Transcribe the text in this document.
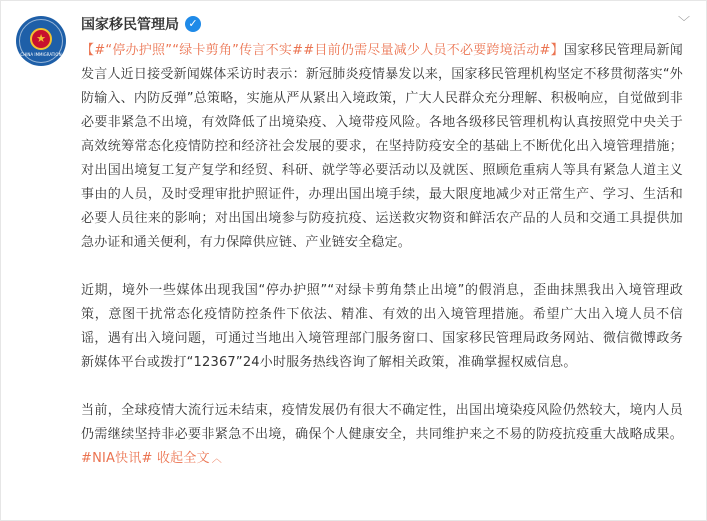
★
CHINA IMMIGRATION
国家移民管理局 ✓	﹀

【#“停办护照”“绿卡剪角”传言不实##目前仍需尽量减少人员不必要跨境活动#】国家移民管理局新闻发言人近日接受新闻媒体采访时表示：新冠肺炎疫情暴发以来，国家移民管理机构坚定不移贯彻落实“外防输入、内防反弹”总策略，实施从严从紧出入境政策，广大人民群众充分理解、积极响应，自觉做到非必要非紧急不出境，有效降低了出境染疫、入境带疫风险。各地各级移民管理机构认真按照党中央关于高效统筹常态化疫情防控和经济社会发展的要求，在坚持防疫安全的基础上不断优化出入境管理措施；对出国出境复工复产复学和经贸、科研、就学等必要活动以及就医、照顾危重病人等具有紧急人道主义事由的人员，及时受理审批护照证件，办理出国出境手续，最大限度地减少对正常生产、学习、生活和必要人员往来的影响；对出国出境参与防疫抗疫、运送救灾物资和鲜活农产品的人员和交通工具提供加急办证和通关便利，有力保障供应链、产业链安全稳定。

近期，境外一些媒体出现我国“停办护照”“对绿卡剪角禁止出境”的假消息，歪曲抹黑我出入境管理政策，意图干扰常态化疫情防控条件下依法、精准、有效的出入境管理措施。希望广大出入境人员不信谣，遇有出入境问题，可通过当地出入境管理部门服务窗口、国家移民管理局政务网站、微信微博政务新媒体平台或拨打“12367”24小时服务热线咨询了解相关政策，准确掌握权威信息。

当前，全球疫情大流行远未结束，疫情发展仍有很大不确定性，出国出境染疫风险仍然较大，境内人员仍需继续坚持非必要非紧急不出境，确保个人健康安全，共同维护来之不易的防疫抗疫重大战略成果。#NIA快讯# 收起全文 ︿
